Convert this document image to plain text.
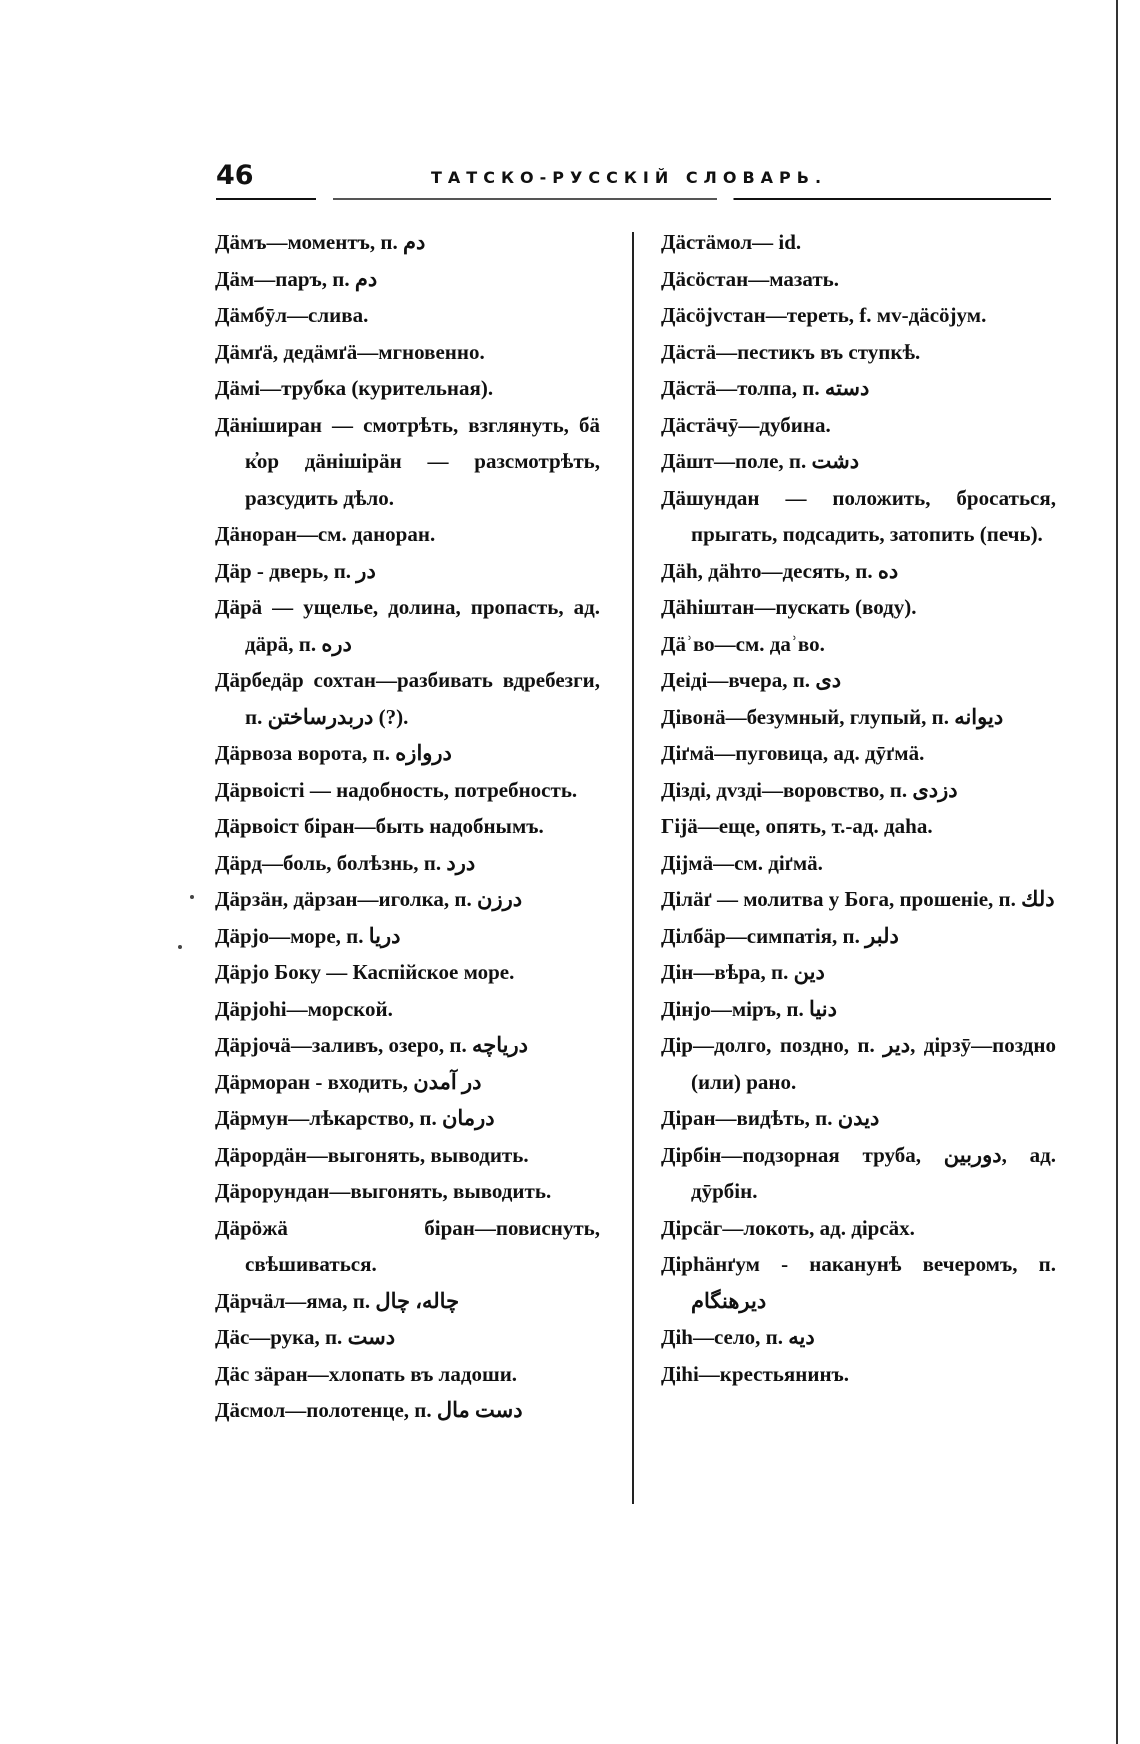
46	ТАТСКО-РУССКІЙ СЛОВАРЬ.

Дäмъ—моментъ, п. دم

Дäм—паръ, п. دم

Дäмбӯл—слива.

Дäмґä, дедäмґä—мгновенно.

Дäмі—трубка (курительная).

Дäніширан — смотрѣть, взглянуть, бä к̓ор дäнішірäн — разсмотрѣть, разсудить дѣло.

Дäноран—см. даноран.

Дäр - дверь, п. در

Дäрä — ущелье, долина, пропасть, ад. дäрä, п. دره

Дäрбедäр сохтан—разбивать вдребезги, п. دربدرساختن (?).

Дäрвоза ворота, п. دروازه

Дäрвоісті — надобность, потребность.

Дäрвоіст біран—быть надобнымъ.

Дäрд—боль, болѣзнь, п. درد

Дäрзäн, дäрзан—иголка, п. درزن

Дäрjо—море, п. دریا

Дäрjо Боку — Каспійское море.

Дäрjоhі—морской.

Дäрjочä—заливъ, озеро, п. دریاچه

Дäрморан - входить, در آمدن

Дäрмун—лѣкарство, п. درمان

Дäрордäн—выгонять, выводить.

Дäрорундан—выгонять, выводить.

Дäрöжä біран—повиснуть, свѣшиваться.

Дäрчäл—яма, п. چاله، چال

Дäс—рука, п. دست

Дäс зäран—хлопать въ ладоши.

Дäсмол—полотенце, п. دست مال

Дäстäмол— id.

Дäсöстан—мазать.

Дäсöjvстан—тереть, f. мv-дäсöjум.

Дäстä—пестикъ въ ступкѣ.

Дäстä—толпа, п. دسته

Дäстäчӯ—дубина.

Дäшт—поле, п. دشت

Дäшундан — положить, бросаться, прыгать, подсадить, затопить (печь).

Дäh, дähто—десять, п. ده

Дähіштан—пускать (воду).

Дäʾво—см. даʾво.

Деіді—вчера, п. دی

Дівонä—безумный, глупый, п. دیوانه

Діґмä—пуговица, ад. дӯґмä.

Дізді, дvзді—воровство, п. دزدی

Гіјä—еще, опять, т.-ад. даhа.

Діјмä—см. діґмä.

Ділäґ — молитва у Бога, прошеніе, п. دلك

Ділбäр—симпатія, п. دلبر

Дін—вѣра, п. دین

Дінјо—міръ, п. دنیا

Дір—долго, поздно, п. دیر, дірзӯ—поздно (или) рано.

Діран—видѣть, п. دیدن

Дірбін—подзорная труба, دوربین, ад. дӯрбін.

Дірсäг—локоть, ад. дірсäх.

Дірhäнґум - наканунѣ вечеромъ, п. دیرهنگام

Діh—село, п. دیه

Діhі—крестьянинъ.
